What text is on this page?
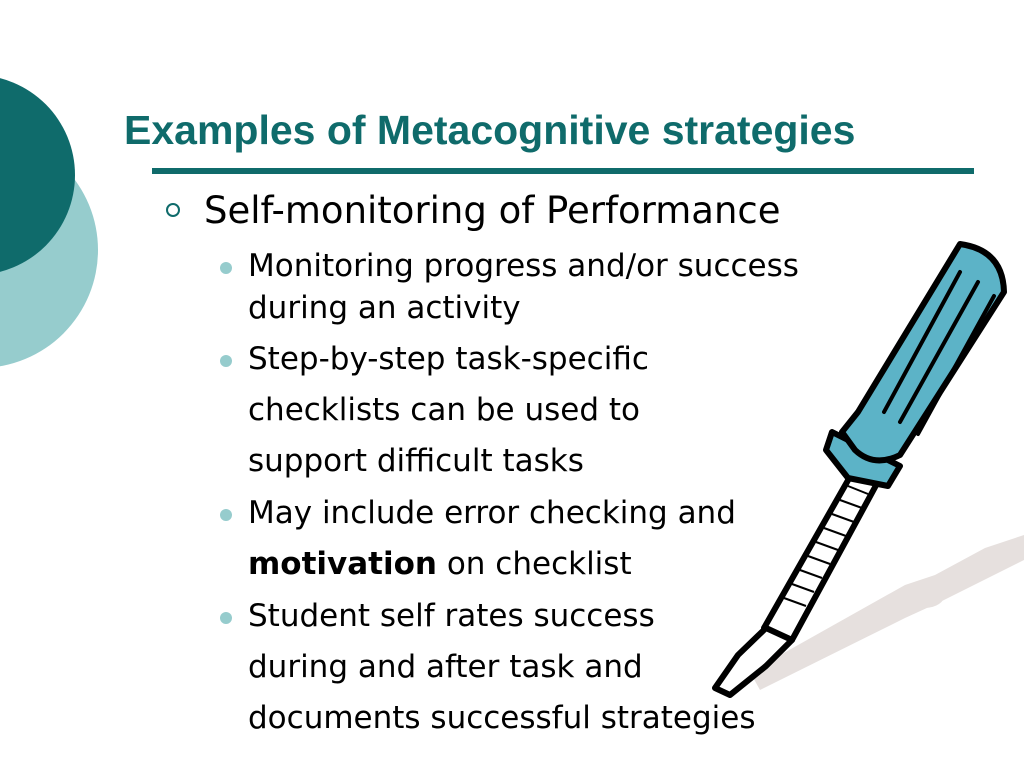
Examples of Metacognitive strategies
Self-monitoring of Performance
Monitoring progress and/or success
during an activity
Step-by-step task-specific
checklists can be used to
support difficult tasks
May include error checking and
motivation on checklist
Student self rates success
during and after task and
documents successful strategies
